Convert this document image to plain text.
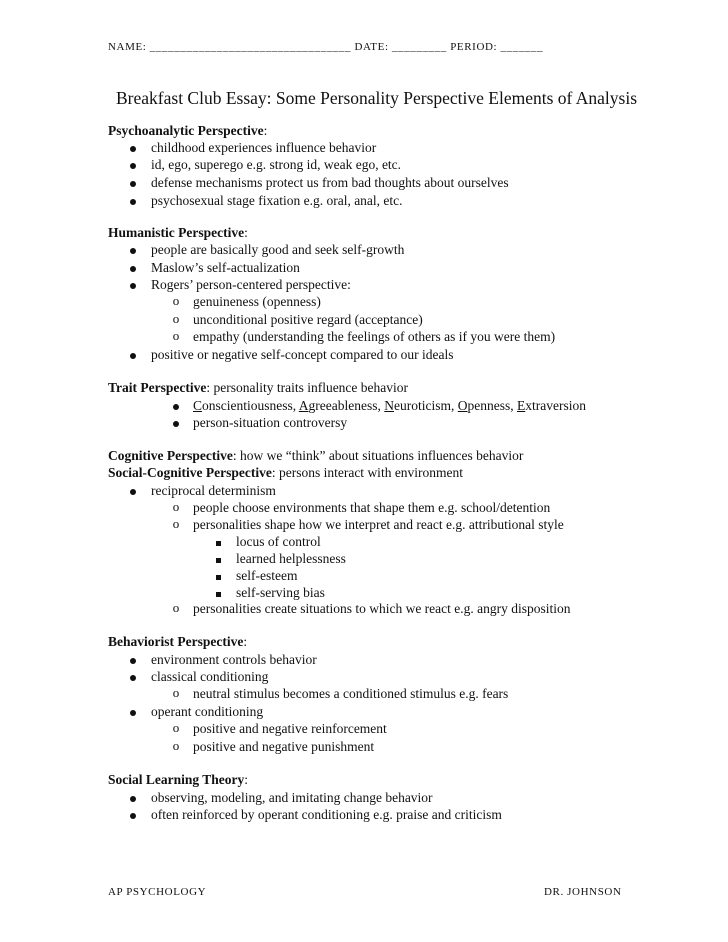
NAME: _________________________________ DATE: _________ PERIOD: _______
Breakfast Club Essay: Some Personality Perspective Elements of Analysis
Psychoanalytic Perspective:
childhood experiences influence behavior
id, ego, superego e.g. strong id, weak ego, etc.
defense mechanisms protect us from bad thoughts about ourselves
psychosexual stage fixation e.g. oral, anal, etc.
Humanistic Perspective:
people are basically good and seek self-growth
Maslow’s self-actualization
Rogers’ person-centered perspective:
o genuineness (openness)
o unconditional positive regard (acceptance)
o empathy (understanding the feelings of others as if you were them)
positive or negative self-concept compared to our ideals
Trait Perspective: personality traits influence behavior
Conscientiousness, Agreeableness, Neuroticism, Openness, Extraversion
person-situation controversy
Cognitive Perspective: how we “think” about situations influences behavior
Social-Cognitive Perspective: persons interact with environment
reciprocal determinism
o people choose environments that shape them e.g. school/detention
o personalities shape how we interpret and react e.g. attributional style
locus of control
learned helplessness
self-esteem
self-serving bias
o personalities create situations to which we react e.g. angry disposition
Behaviorist Perspective:
environment controls behavior
classical conditioning
o neutral stimulus becomes a conditioned stimulus e.g. fears
operant conditioning
o positive and negative reinforcement
o positive and negative punishment
Social Learning Theory:
observing, modeling, and imitating change behavior
often reinforced by operant conditioning e.g. praise and criticism
AP PSYCHOLOGY	DR. JOHNSON
